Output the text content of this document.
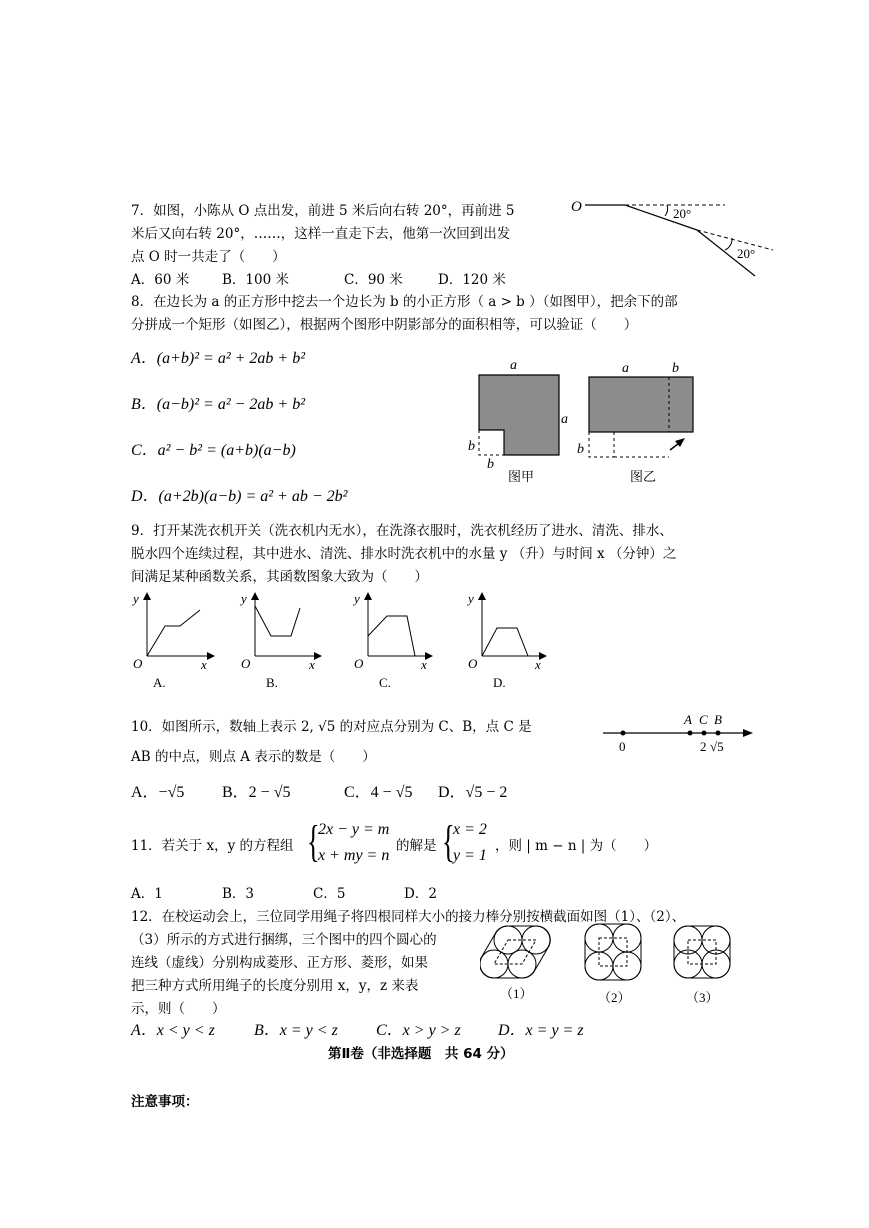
7．如图，小陈从 O 点出发，前进 5 米后向右转 20°，再前进 5
米后又向右转 20°，……，这样一直走下去，他第一次回到出发
点 O 时一共走了（　　）
A．60 米 B．100 米	C．90 米	D．120 米
O	20°
20°
8．在边长为 a 的正方形中挖去一个边长为 b 的小正方形（ a > b ）（如图甲），把余下的部
分拼成一个矩形（如图乙），根据两个图形中阴影部分的面积相等，可以验证（　　）
A．(a+b)² = a² + 2ab + b²
B．(a−b)² = a² − 2ab + b²
C．a² − b² = (a+b)(a−b)
D．(a+2b)(a−b) = a² + ab − 2b²
a
a
b
b
图甲
a	b
b
图乙
9．打开某洗衣机开关（洗衣机内无水），在洗涤衣服时，洗衣机经历了进水、清洗、排水、
脱水四个连续过程，其中进水、清洗、排水时洗衣机中的水量 y （升）与时间 x （分钟）之
间满足某种函数关系，其函数图象大致为（　　）
y
x
O
A.
y
x
O
B.
y
x
O
C.
y
x
O
D.
10．如图所示，数轴上表示 2, √5 的对应点分别为 C、B，点 C 是
AB 的中点，则点 A 表示的数是（　　）
A．−√5 B．2 − √5	C．4 − √5 D．√5 − 2
0
A C B
2 √5
11．若关于 x，y 的方程组 {
2x − y = m
x + my = n
的解是 {
x = 2
y = 1
，则 | m − n | 为（　　）
A．1	B．3	C．5	D．2
12．在校运动会上，三位同学用绳子将四根同样大小的接力棒分别按横截面如图（1）、（2）、
（3）所示的方式进行捆绑，三个图中的四个圆心的
连线（虚线）分别构成菱形、正方形、菱形，如果
把三种方式所用绳子的长度分别用 x，y，z 来表
示，则（　　）
A．x < y < z B．x = y < z C．x > y > z D．x = y = z
（1）	（2）	（3）
第Ⅱ卷（非选择题　共 64 分）
注意事项：
